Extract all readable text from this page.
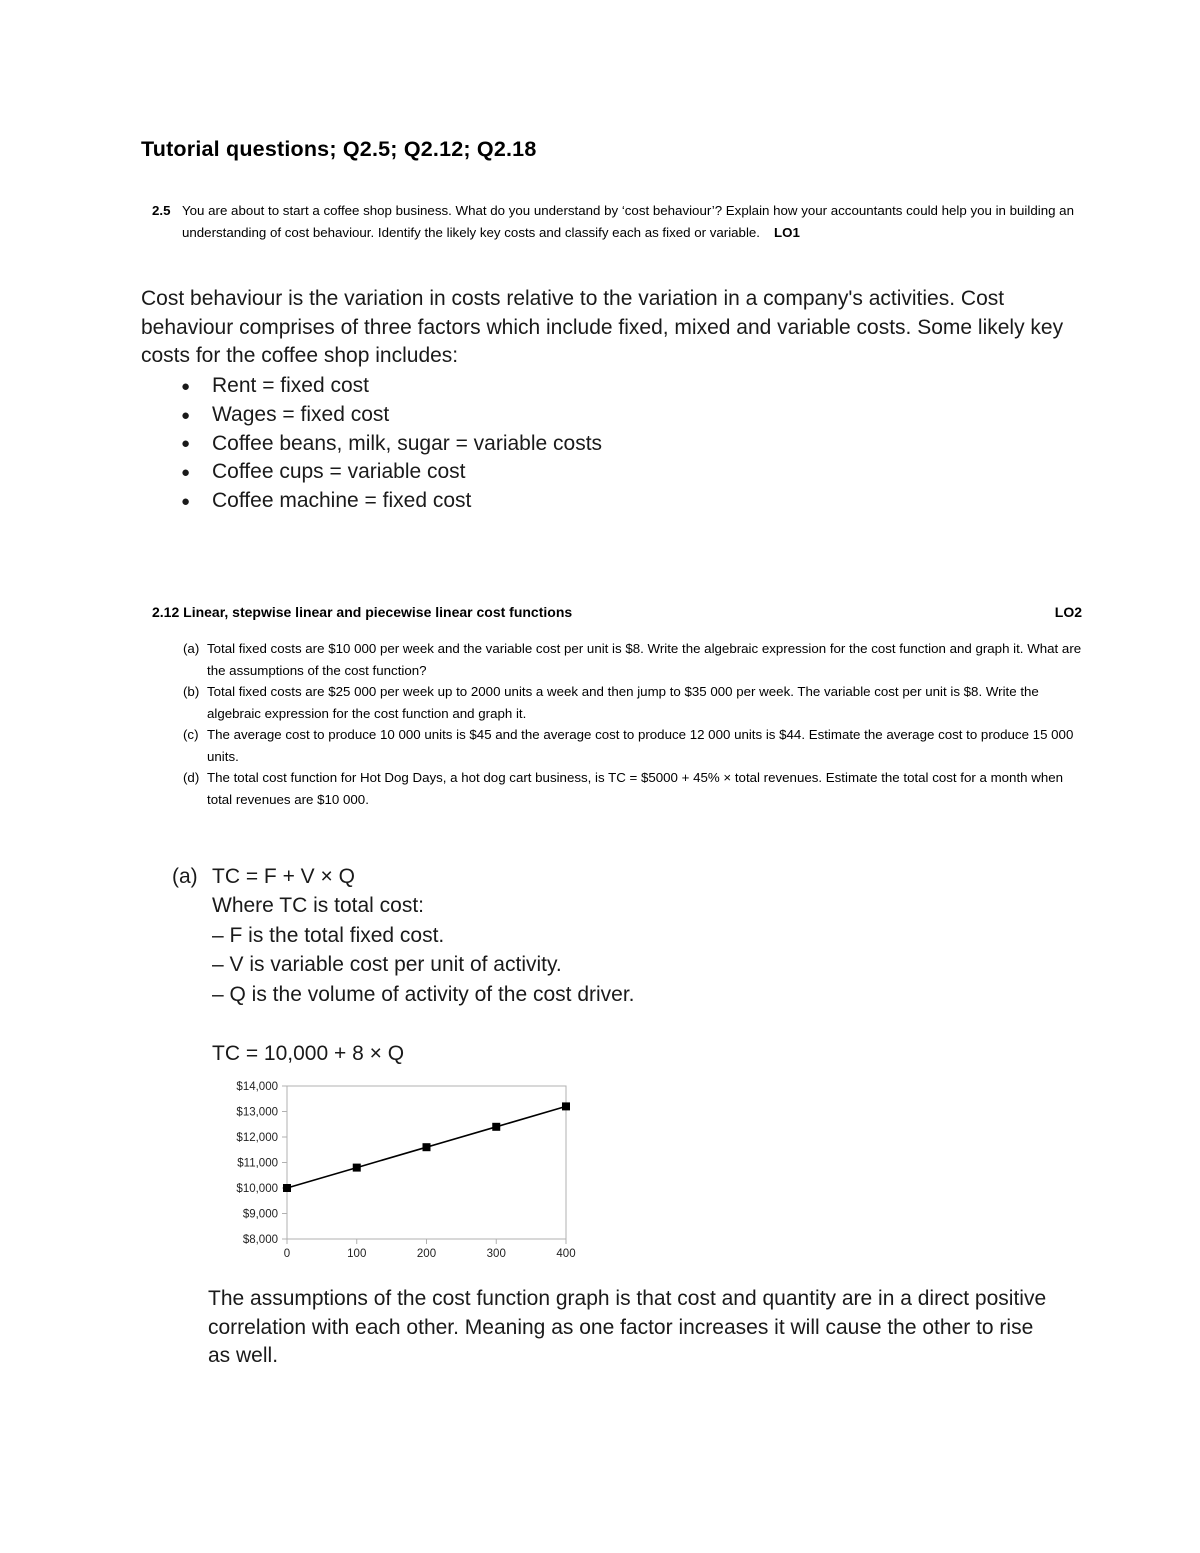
Tutorial questions; Q2.5; Q2.12; Q2.18
2.5 You are about to start a coffee shop business. What do you understand by ‘cost behaviour’? Explain how your accountants could help you in building an understanding of cost behaviour. Identify the likely key costs and classify each as fixed or variable. LO1
Cost behaviour is the variation in costs relative to the variation in a company's activities. Cost behaviour comprises of three factors which include fixed, mixed and variable costs. Some likely key costs for the coffee shop includes:
● Rent = fixed cost
● Wages = fixed cost
● Coffee beans, milk, sugar = variable costs
● Coffee cups = variable cost
● Coffee machine = fixed cost
2.12 Linear, stepwise linear and piecewise linear cost functions	LO2
(a) Total fixed costs are $10 000 per week and the variable cost per unit is $8. Write the algebraic expression for the cost function and graph it. What are the assumptions of the cost function?
(b) Total fixed costs are $25 000 per week up to 2000 units a week and then jump to $35 000 per week. The variable cost per unit is $8. Write the algebraic expression for the cost function and graph it.
(c) The average cost to produce 10 000 units is $45 and the average cost to produce 12 000 units is $44. Estimate the average cost to produce 15 000 units.
(d) The total cost function for Hot Dog Days, a hot dog cart business, is TC = $5000 + 45% × total revenues. Estimate the total cost for a month when total revenues are $10 000.
(a) TC = F + V × Q
Where TC is total cost:
– F is the total fixed cost.
– V is variable cost per unit of activity.
– Q is the volume of activity of the cost driver.
TC = 10,000 + 8 × Q
$8,000
$9,000
$10,000
$11,000
$12,000
$13,000
$14,000
0	100	200	300	400
The assumptions of the cost function graph is that cost and quantity are in a direct positive correlation with each other. Meaning as one factor increases it will cause the other to rise as well.
